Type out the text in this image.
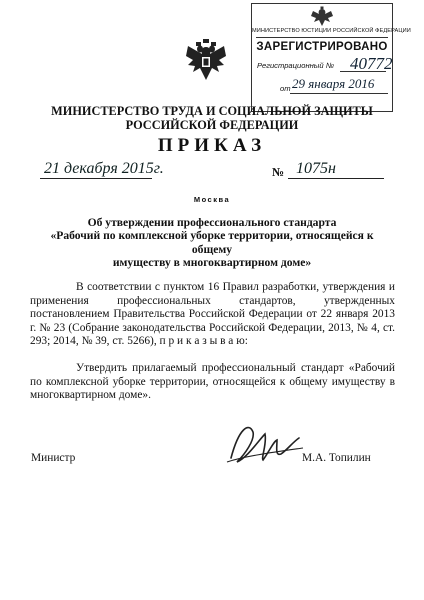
МИНИСТЕРСТВО ЮСТИЦИИ РОССИЙСКОЙ ФЕДЕРАЦИИ
ЗАРЕГИСТРИРОВАНО
Регистрационный № 40772
от 29 января 2016
МИНИСТЕРСТВО ТРУДА И СОЦИАЛЬНОЙ ЗАЩИТЫ
РОССИЙСКОЙ ФЕДЕРАЦИИ
ПРИКАЗ
21 декабря 2015г.	№ 1075н
Москва
Об утверждении профессионального стандарта
«Рабочий по комплексной уборке территории, относящейся к общему
имуществу в многоквартирном доме»

В соответствии с пунктом 16 Правил разработки, утверждения и применения профессиональных стандартов, утвержденных постановлением Правительства Российской Федерации от 22 января 2013 г. № 23 (Собрание законодательства Российской Федерации, 2013, № 4, ст. 293; 2014, № 39, ст. 5266), п р и к а з ы в а ю:

Утвердить прилагаемый профессиональный стандарт «Рабочий по комплексной уборке территории, относящейся к общему имуществу в многоквартирном доме».

Министр	М.А. Топилин
